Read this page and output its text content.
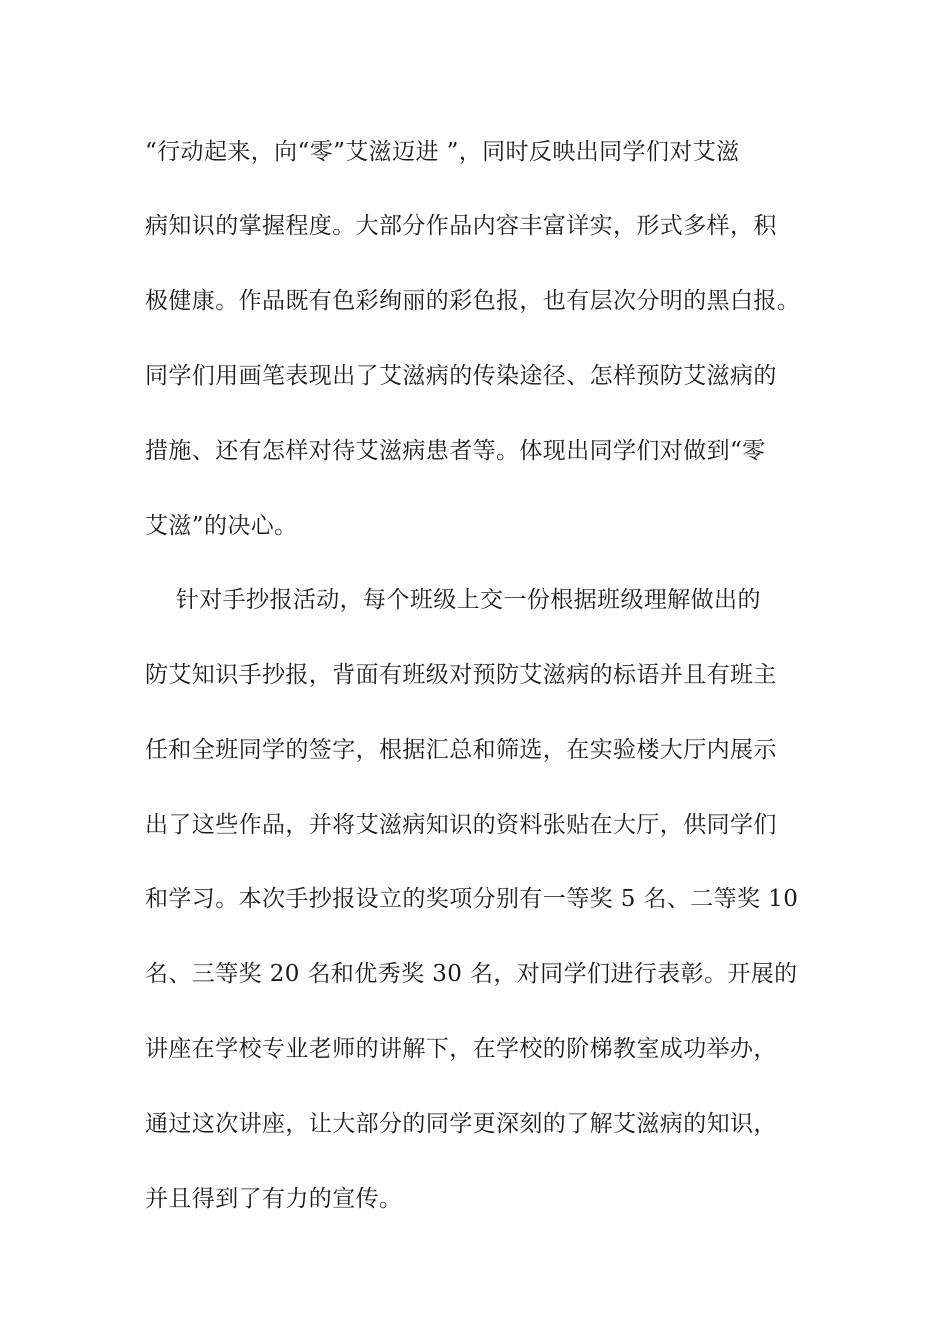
“行动起来，向“零”艾滋迈进 ”，同时反映出同学们对艾滋
病知识的掌握程度。大部分作品内容丰富详实，形式多样，积
极健康。作品既有色彩绚丽的彩色报，也有层次分明的黑白报。
同学们用画笔表现出了艾滋病的传染途径、怎样预防艾滋病的
措施、还有怎样对待艾滋病患者等。体现出同学们对做到“零
艾滋”的决心。
针对手抄报活动，每个班级上交一份根据班级理解做出的
防艾知识手抄报，背面有班级对预防艾滋病的标语并且有班主
任和全班同学的签字，根据汇总和筛选，在实验楼大厅内展示
出了这些作品，并将艾滋病知识的资料张贴在大厅，供同学们
和学习。本次手抄报设立的奖项分别有一等奖 5 名、二等奖 10
名、三等奖 20 名和优秀奖 30 名，对同学们进行表彰。开展的
讲座在学校专业老师的讲解下，在学校的阶梯教室成功举办，
通过这次讲座，让大部分的同学更深刻的了解艾滋病的知识，
并且得到了有力的宣传。
